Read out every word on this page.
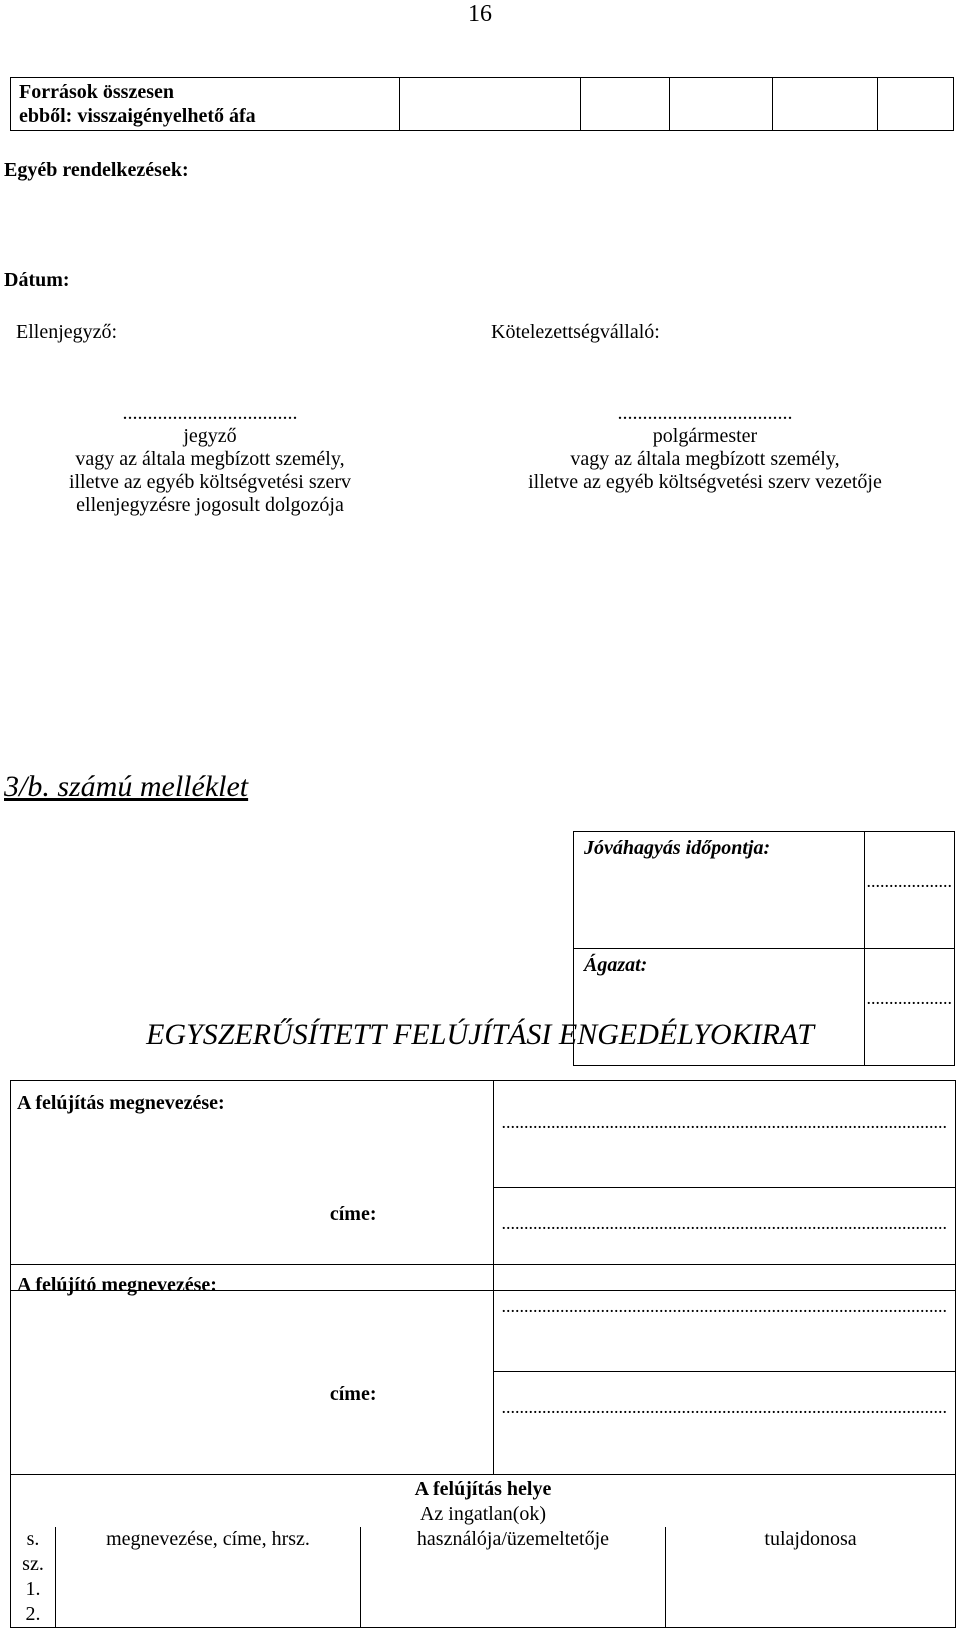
16
Források összesen
ebből: visszaigényelhető áfa

Egyéb rendelkezések:
Dátum:
Ellenjegyző:	Kötelezettségvállaló:
...................................
jegyző
vagy az általa megbízott személy,
illetve az egyéb költségvetési szerv
ellenjegyzésre jogosult dolgozója
...................................
polgármester
vagy az általa megbízott személy,
illetve az egyéb költségvetési szerv vezetője
3/b. számú melléklet
Jóváhagyás időpontja:	...................
Ágazat:	...................
EGYSZERŰSÍTETT FELÚJÍTÁSI ENGEDÉLYOKIRAT
A felújítás megnevezése:	...................................................................................................
címe:	...................................................................................................
A felújító megnevezése:	...................................................................................................
címe:	...................................................................................................
A felújítás helye			
Az ingatlan(ok)			
s.	megnevezése, címe, hrsz.	használója/üzemeltetője	tulajdonosa
sz.			
1.			
2.			
